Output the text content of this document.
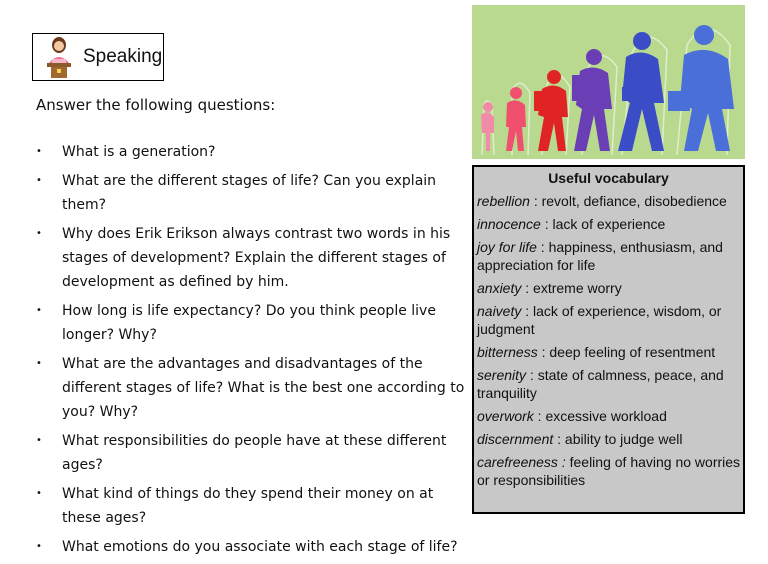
Speaking
Answer the following questions:
• What is a generation?
• What are the different stages of life? Can you explain them?
• Why does Erik Erikson always contrast two words in his stages of development? Explain the different stages of development as defined by him.
• How long is life expectancy? Do you think people live longer? Why?
• What are the advantages and disadvantages of the different stages of life? What is the best one according to you? Why?
• What responsibilities do people have at these different ages?
• What kind of things do they spend their money on at these ages?
• What emotions do you associate with each stage of life?
Useful vocabulary
rebellion : revolt, defiance, disobedience
innocence : lack of experience
joy for life : happiness, enthusiasm, and appreciation for life
anxiety : extreme worry
naivety : lack of experience, wisdom, or judgment
bitterness : deep feeling of resentment
serenity : state of calmness, peace, and tranquility
overwork : excessive workload
discernment : ability to judge well
carefreeness : feeling of having no worries or responsibilities
